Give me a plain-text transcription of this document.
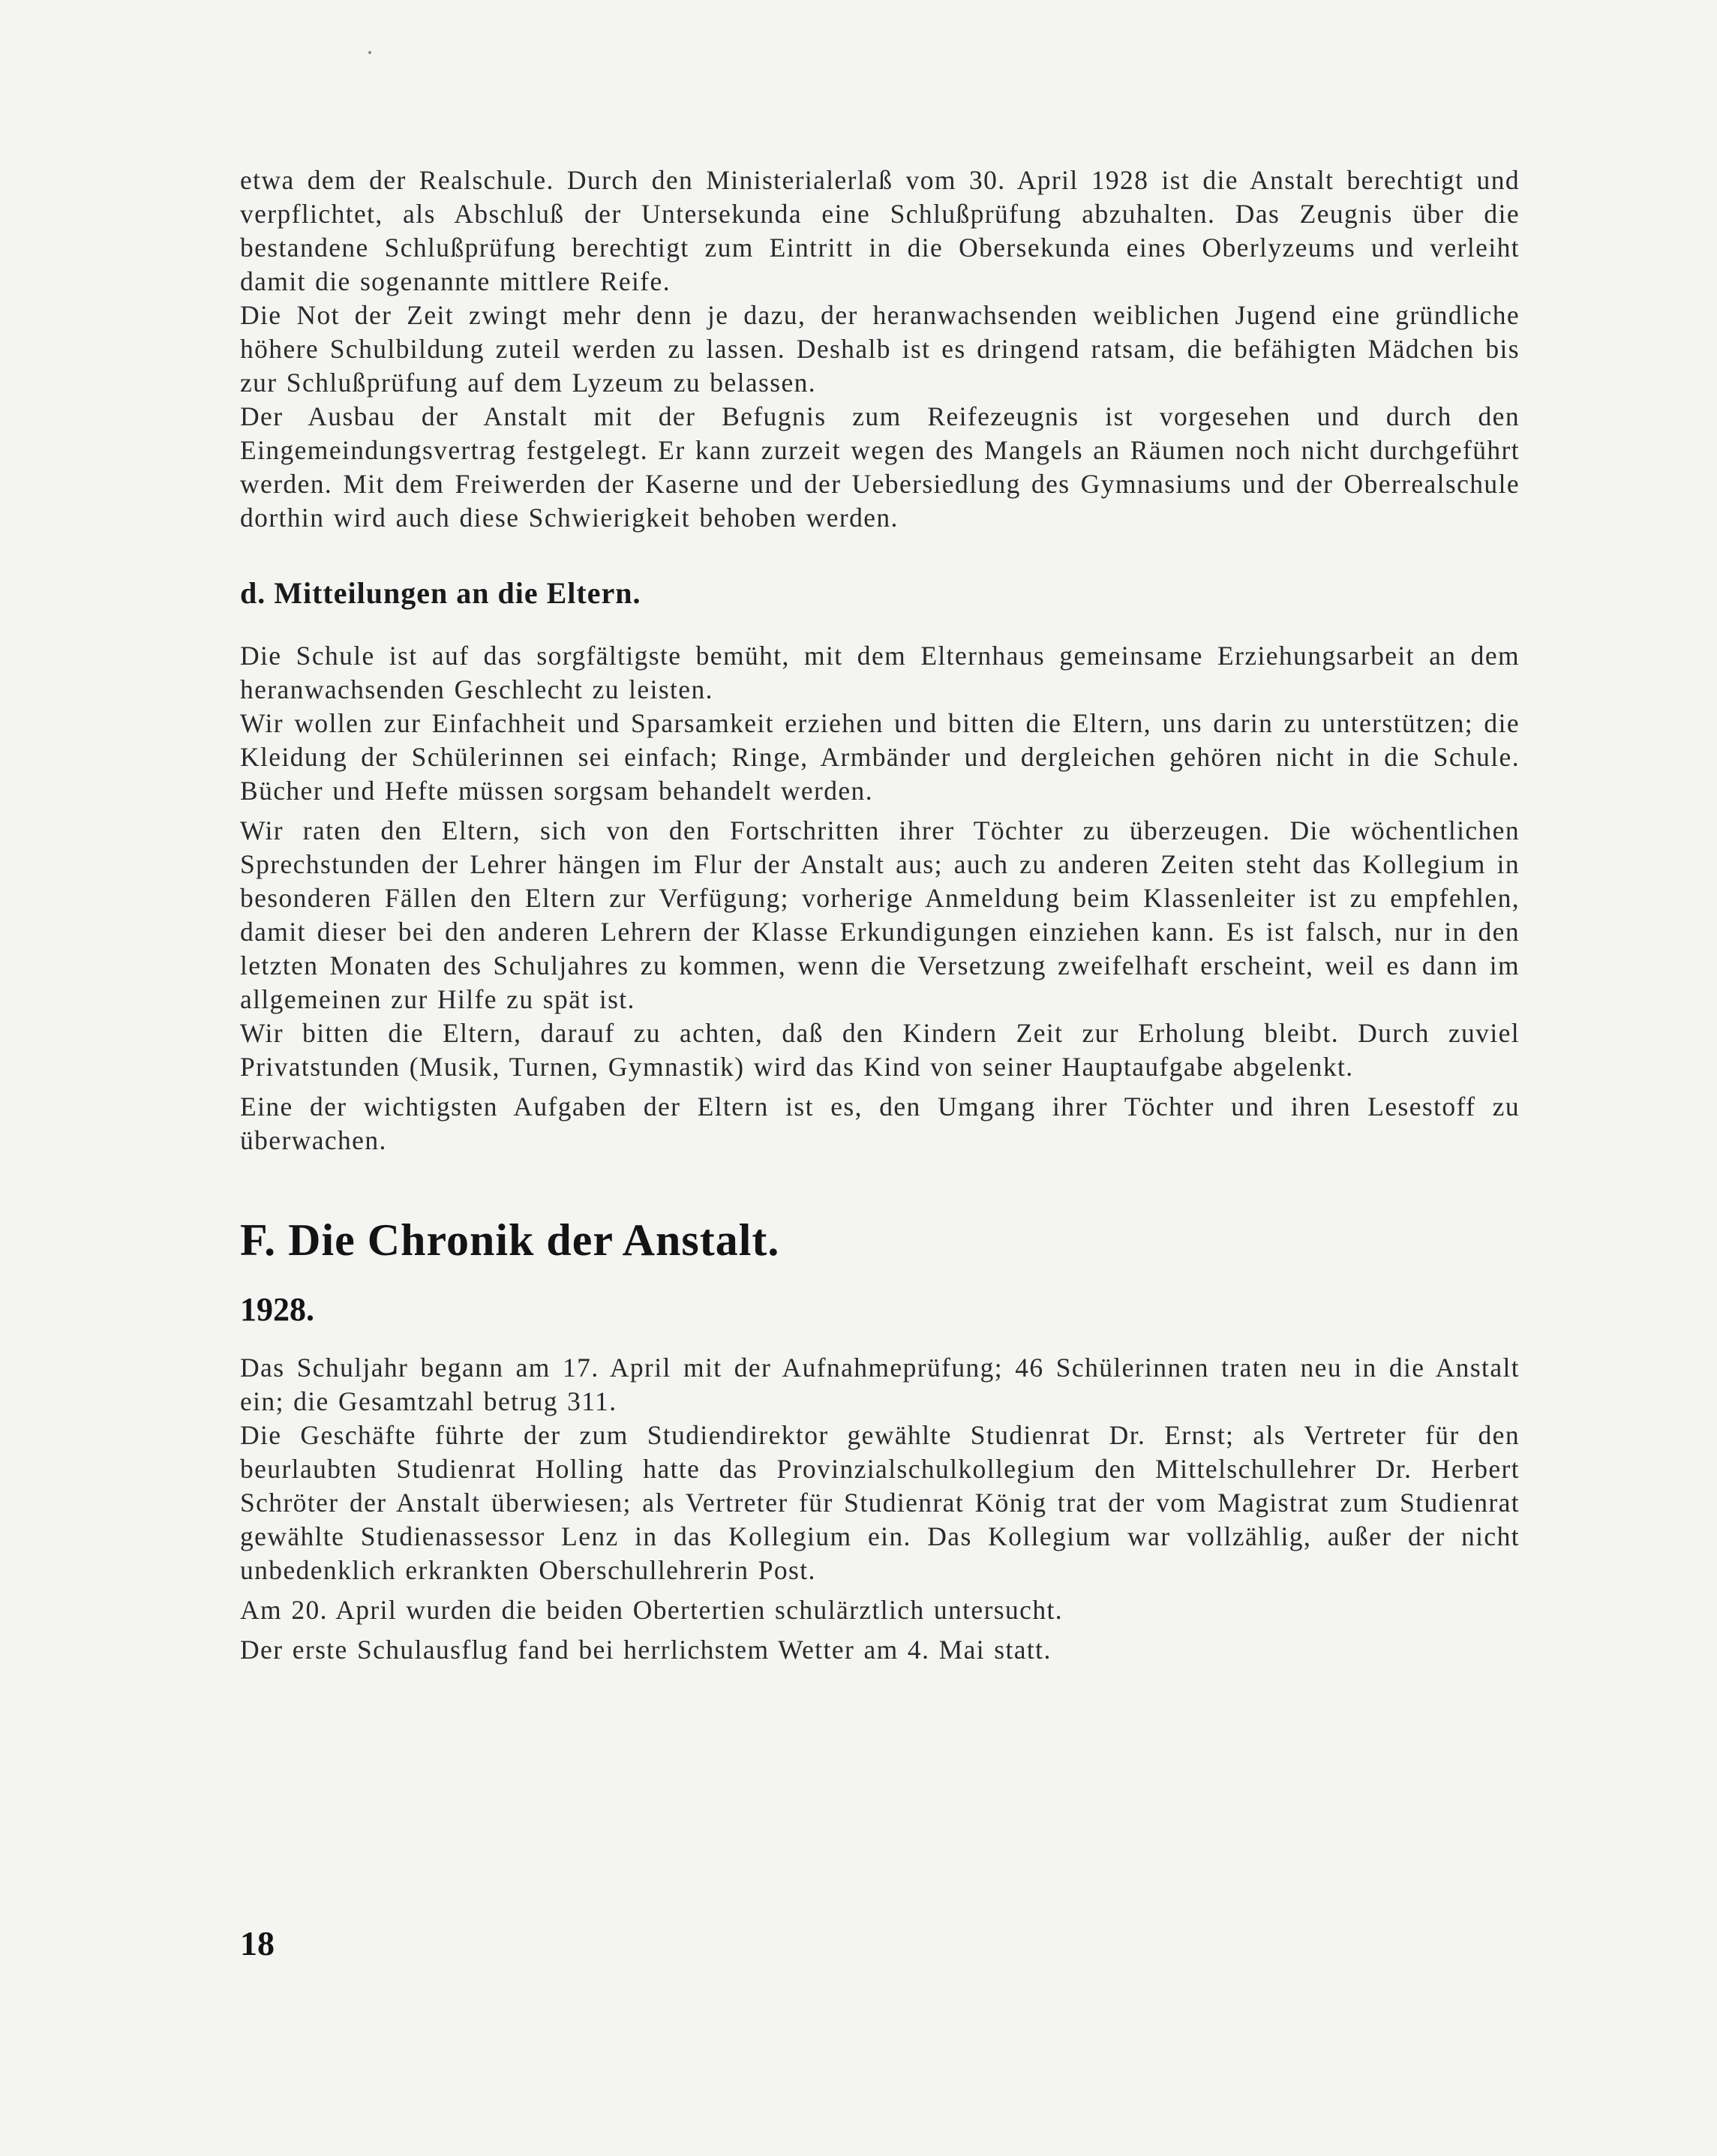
etwa dem der Realschule. Durch den Ministerialerlaß vom 30. April 1928 ist die Anstalt berechtigt und verpflichtet, als Abschluß der Untersekunda eine Schlußprüfung abzuhalten. Das Zeugnis über die bestandene Schlußprüfung berechtigt zum Eintritt in die Obersekunda eines Oberlyzeums und verleiht damit die sogenannte mittlere Reife.

Die Not der Zeit zwingt mehr denn je dazu, der heranwachsenden weiblichen Jugend eine gründliche höhere Schulbildung zuteil werden zu lassen. Deshalb ist es dringend ratsam, die befähigten Mädchen bis zur Schlußprüfung auf dem Lyzeum zu belassen.

Der Ausbau der Anstalt mit der Befugnis zum Reifezeugnis ist vorgesehen und durch den Eingemeindungsvertrag festgelegt. Er kann zurzeit wegen des Mangels an Räumen noch nicht durchgeführt werden. Mit dem Freiwerden der Kaserne und der Uebersiedlung des Gymnasiums und der Oberrealschule dorthin wird auch diese Schwierigkeit behoben werden.

d. Mitteilungen an die Eltern.

Die Schule ist auf das sorgfältigste bemüht, mit dem Elternhaus gemeinsame Erziehungsarbeit an dem heranwachsenden Geschlecht zu leisten.

Wir wollen zur Einfachheit und Sparsamkeit erziehen und bitten die Eltern, uns darin zu unterstützen; die Kleidung der Schülerinnen sei einfach; Ringe, Armbänder und dergleichen gehören nicht in die Schule. Bücher und Hefte müssen sorgsam behandelt werden.

Wir raten den Eltern, sich von den Fortschritten ihrer Töchter zu überzeugen. Die wöchentlichen Sprechstunden der Lehrer hängen im Flur der Anstalt aus; auch zu anderen Zeiten steht das Kollegium in besonderen Fällen den Eltern zur Verfügung; vorherige Anmeldung beim Klassenleiter ist zu empfehlen, damit dieser bei den anderen Lehrern der Klasse Erkundigungen einziehen kann. Es ist falsch, nur in den letzten Monaten des Schuljahres zu kommen, wenn die Versetzung zweifelhaft erscheint, weil es dann im allgemeinen zur Hilfe zu spät ist.

Wir bitten die Eltern, darauf zu achten, daß den Kindern Zeit zur Erholung bleibt. Durch zuviel Privatstunden (Musik, Turnen, Gymnastik) wird das Kind von seiner Hauptaufgabe abgelenkt.

Eine der wichtigsten Aufgaben der Eltern ist es, den Umgang ihrer Töchter und ihren Lesestoff zu überwachen.

F. Die Chronik der Anstalt.
1928.

Das Schuljahr begann am 17. April mit der Aufnahmeprüfung; 46 Schülerinnen traten neu in die Anstalt ein; die Gesamtzahl betrug 311.

Die Geschäfte führte der zum Studiendirektor gewählte Studienrat Dr. Ernst; als Vertreter für den beurlaubten Studienrat Holling hatte das Provinzialschulkollegium den Mittelschullehrer Dr. Herbert Schröter der Anstalt überwiesen; als Vertreter für Studienrat König trat der vom Magistrat zum Studienrat gewählte Studienassessor Lenz in das Kollegium ein. Das Kollegium war vollzählig, außer der nicht unbedenklich erkrankten Oberschullehrerin Post.

Am 20. April wurden die beiden Obertertien schulärztlich untersucht.

Der erste Schulausflug fand bei herrlichstem Wetter am 4. Mai statt.

18
